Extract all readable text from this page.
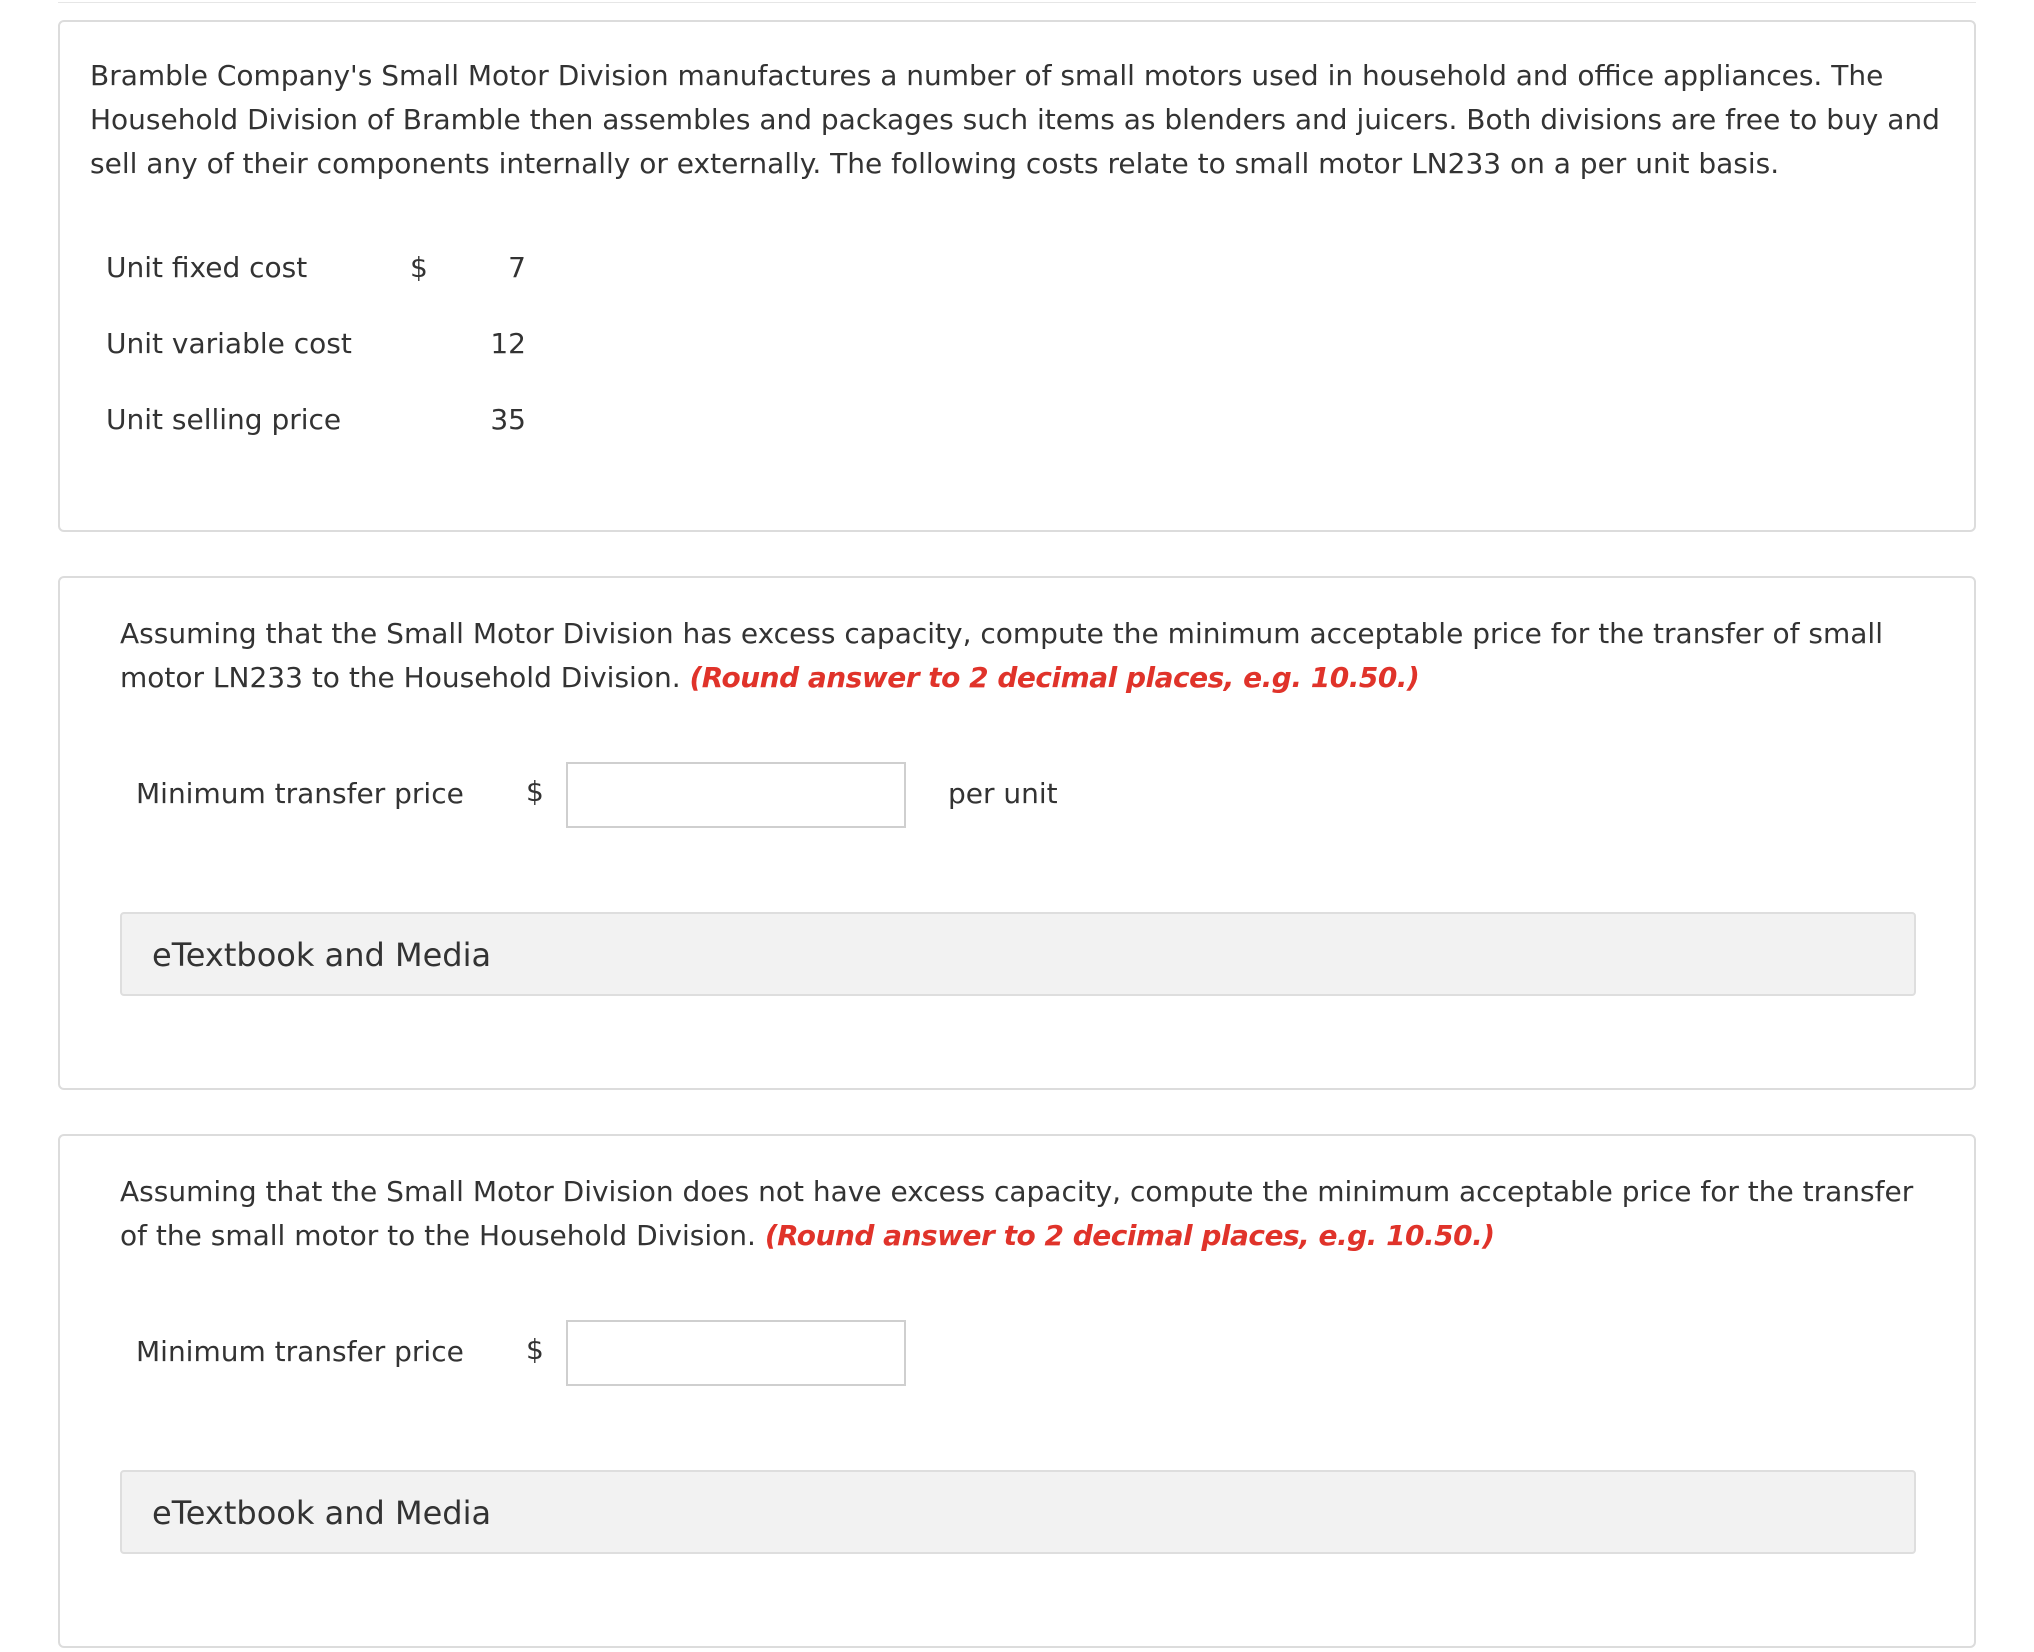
Bramble Company's Small Motor Division manufactures a number of small motors used in household and office appliances. The Household Division of Bramble then assembles and packages such items as blenders and juicers. Both divisions are free to buy and sell any of their components internally or externally. The following costs relate to small motor LN233 on a per unit basis.

Unit fixed cost	$	7
Unit variable cost	12
Unit selling price	35

Assuming that the Small Motor Division has excess capacity, compute the minimum acceptable price for the transfer of small motor LN233 to the Household Division. (Round answer to 2 decimal places, e.g. 10.50.)

Minimum transfer price $	per unit
eTextbook and Media

Assuming that the Small Motor Division does not have excess capacity, compute the minimum acceptable price for the transfer of the small motor to the Household Division. (Round answer to 2 decimal places, e.g. 10.50.)

Minimum transfer price $
eTextbook and Media
